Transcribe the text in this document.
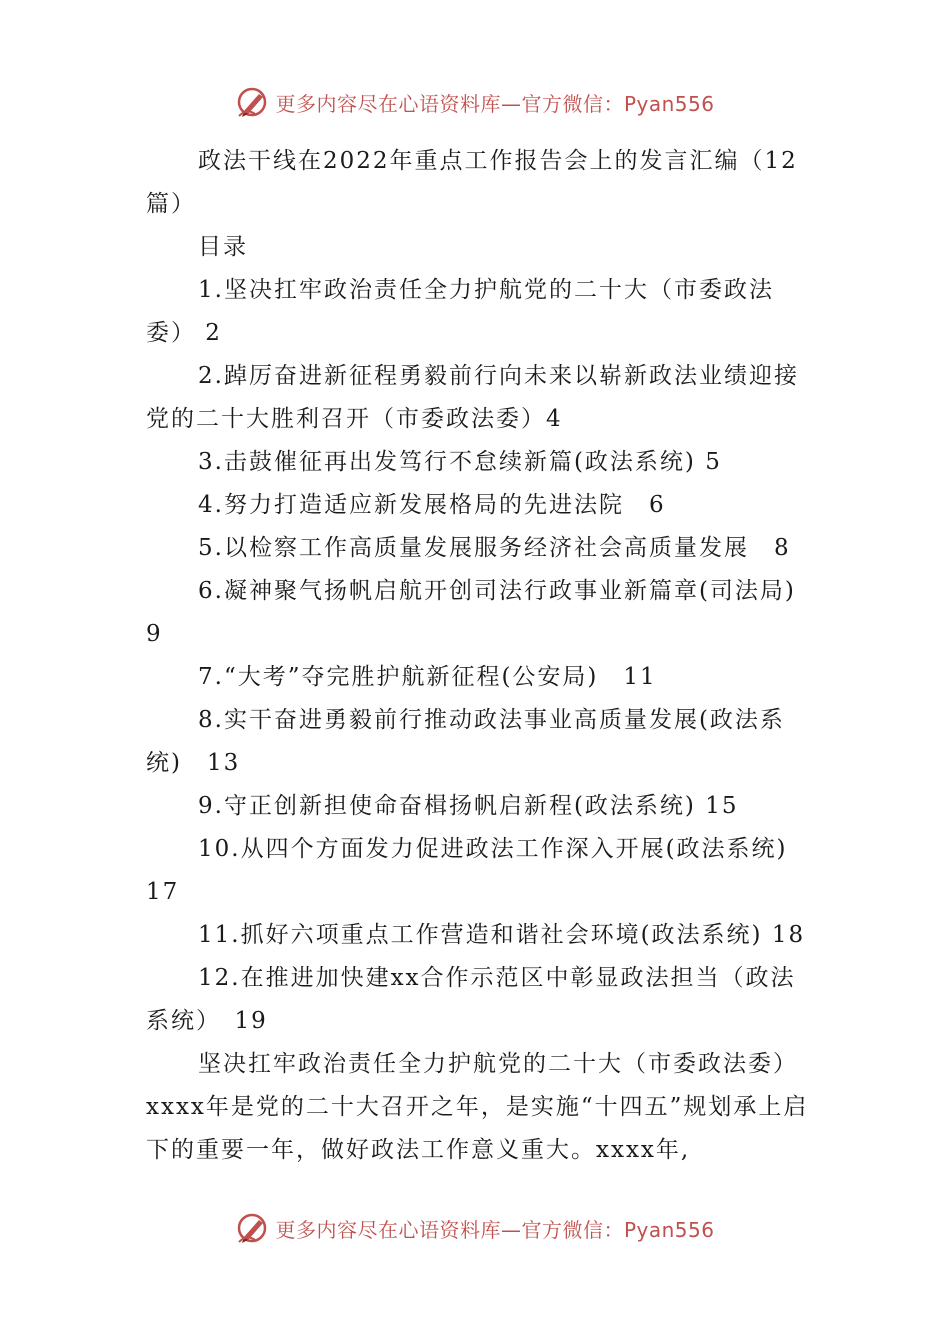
更多内容尽在心语资料库—官方微信：Pyan556

政法干线在2022年重点工作报告会上的发言汇编（12篇）

目录

1.坚决扛牢政治责任全力护航党的二十大（市委政法委） 2

2.踔厉奋进新征程勇毅前行向未来以崭新政法业绩迎接党的二十大胜利召开（市委政法委）4

3.击鼓催征再出发笃行不怠续新篇(政法系统) 5

4.努力打造适应新发展格局的先进法院　6

5.以检察工作高质量发展服务经济社会高质量发展　8

6.凝神聚气扬帆启航开创司法行政事业新篇章(司法局)　9

7.“大考”夺完胜护航新征程(公安局)　11

8.实干奋进勇毅前行推动政法事业高质量发展(政法系统)　13

9.守正创新担使命奋楫扬帆启新程(政法系统) 15

10.从四个方面发力促进政法工作深入开展(政法系统)　17

11.抓好六项重点工作营造和谐社会环境(政法系统) 18

12.在推进加快建xx合作示范区中彰显政法担当（政法系统）　19

坚决扛牢政治责任全力护航党的二十大（市委政法委）xxxx年是党的二十大召开之年，是实施“十四五”规划承上启下的重要一年，做好政法工作意义重大。xxxx年,

更多内容尽在心语资料库—官方微信：Pyan556
